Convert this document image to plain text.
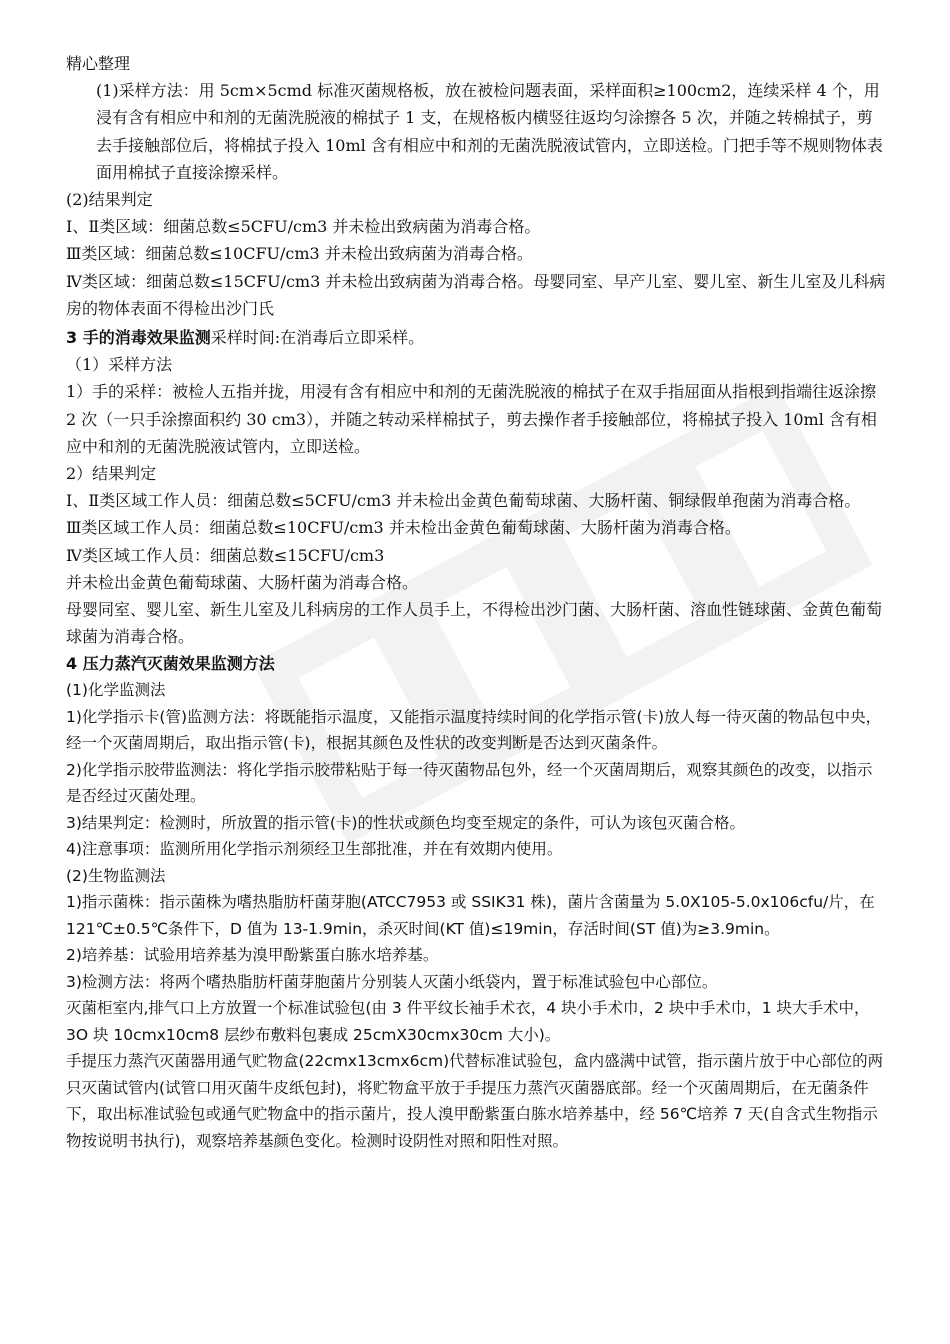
精心整理

(1)采样方法：用 5cm×5cmd 标准灭菌规格板，放在被检问题表面，采样面积≥100cm2，连续采样 4 个，用浸有含有相应中和剂的无菌洗脱液的棉拭子 1 支，在规格板内横竖往返均匀涂擦各 5 次，并随之转棉拭子，剪去手接触部位后，将棉拭子投入 10ml 含有相应中和剂的无菌洗脱液试管内，立即送检。门把手等不规则物体表面用棉拭子直接涂擦采样。

(2)结果判定

Ⅰ、Ⅱ类区域：细菌总数≤5CFU/cm3 并未检出致病菌为消毒合格。

Ⅲ类区域：细菌总数≤10CFU/cm3 并未检出致病菌为消毒合格。

Ⅳ类区域：细菌总数≤15CFU/cm3 并未检出致病菌为消毒合格。母婴同室、早产儿室、婴儿室、新生儿室及儿科病房的物体表面不得检出沙门氏

3 手的消毒效果监测采样时间:在消毒后立即采样。

（1）采样方法

1）手的采样：被检人五指并拢，用浸有含有相应中和剂的无菌洗脱液的棉拭子在双手指屈面从指根到指端往返涂擦 2 次（一只手涂擦面积约 30 cm3），并随之转动采样棉拭子，剪去操作者手接触部位，将棉拭子投入 10ml 含有相应中和剂的无菌洗脱液试管内，立即送检。

2）结果判定

Ⅰ、Ⅱ类区域工作人员：细菌总数≤5CFU/cm3 并未检出金黄色葡萄球菌、大肠杆菌、铜绿假单孢菌为消毒合格。

Ⅲ类区域工作人员：细菌总数≤10CFU/cm3 并未检出金黄色葡萄球菌、大肠杆菌为消毒合格。

Ⅳ类区域工作人员：细菌总数≤15CFU/cm3

并未检出金黄色葡萄球菌、大肠杆菌为消毒合格。

母婴同室、婴儿室、新生儿室及儿科病房的工作人员手上，不得检出沙门菌、大肠杆菌、溶血性链球菌、金黄色葡萄球菌为消毒合格。

4 压力蒸汽灭菌效果监测方法

(1)化学监测法

1)化学指示卡(管)监测方法：将既能指示温度，又能指示温度持续时间的化学指示管(卡)放人每一待灭菌的物品包中央，经一个灭菌周期后，取出指示管(卡)，根据其颜色及性状的改变判断是否达到灭菌条件。

2)化学指示胶带监测法：将化学指示胶带粘贴于每一待灭菌物品包外，经一个灭菌周期后，观察其颜色的改变，以指示是否经过灭菌处理。

3)结果判定：检测时，所放置的指示管(卡)的性状或颜色均变至规定的条件，可认为该包灭菌合格。

4)注意事项：监测所用化学指示剂须经卫生部批准，并在有效期内使用。

(2)生物监测法

1)指示菌株：指示菌株为嗜热脂肪杆菌芽胞(ATCC7953 或 SSIK31 株)，菌片含菌量为 5.0X105-5.0x106cfu/片，在 121℃±0.5℃条件下，D 值为 13-1.9min，杀灭时间(KT 值)≤19min，存活时间(ST 值)为≥3.9min。

2)培养基：试验用培养基为溴甲酚紫蛋白胨水培养基。

3)检测方法：将两个嗜热脂肪杆菌芽胞菌片分别装人灭菌小纸袋内，置于标准试验包中心部位。

灭菌柜室内,排气口上方放置一个标准试验包(由 3 件平纹长袖手术衣，4 块小手术巾，2 块中手术巾，1 块大手术中，3O 块 10cmx10cm8 层纱布敷料包裹成 25cmX30cmx30cm 大小)。

手提压力蒸汽灭菌器用通气贮物盒(22cmx13cmx6cm)代替标准试验包，盒内盛满中试管，指示菌片放于中心部位的两只灭菌试管内(试管口用灭菌牛皮纸包封)，将贮物盒平放于手提压力蒸汽灭菌器底部。经一个灭菌周期后，在无菌条件下，取出标准试验包或通气贮物盒中的指示菌片，投人溴甲酚紫蛋白胨水培养基中，经 56℃培养 7 天(自含式生物指示物按说明书执行)，观察培养基颜色变化。检测时设阴性对照和阳性对照。
